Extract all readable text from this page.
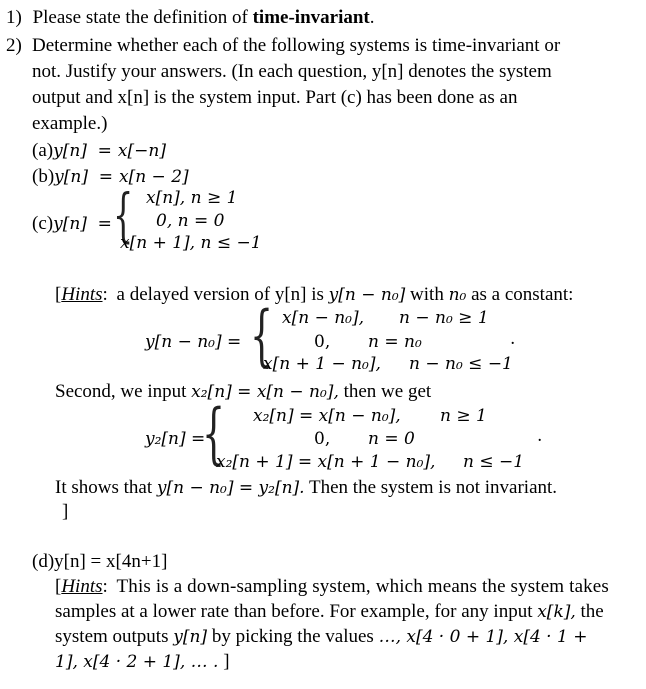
1) Please state the definition of time-invariant.
2) Determine whether each of the following systems is time-invariant or
not. Justify your answers. (In each question, y[n] denotes the system
output and x[n] is the system input. Part (c) has been done as an
example.)
(a)y[n] = x[−n]
(b)y[n] = x[n − 2]
(c)y[n] = { x[n], n ≥ 1
0, n = 0
x[n + 1], n ≤ −1
[Hints: a delayed version of y[n] is y[n − n₀] with n₀ as a constant:
y[n − n₀] = { x[n − n₀], n − n₀ ≥ 1
0, n = n₀	.
x[n + 1 − n₀], n − n₀ ≤ −1
Second, we input x₂[n] = x[n − n₀], then we get
y₂[n] =
{ x₂[n] = x[n − n₀], n ≥ 1
0, n = 0	.
x₂[n + 1] = x[n + 1 − n₀], n ≤ −1
It shows that y[n − n₀] = y₂[n]. Then the system is not invariant.
]
(d)y[n] = x[4n+1]
[Hints: This is a down-sampling system, which means the system takes
samples at a lower rate than before. For example, for any input x[k], the
system outputs y[n] by picking the values …, x[4 · 0 + 1], x[4 · 1 +
1], x[4 · 2 + 1], … . ]
